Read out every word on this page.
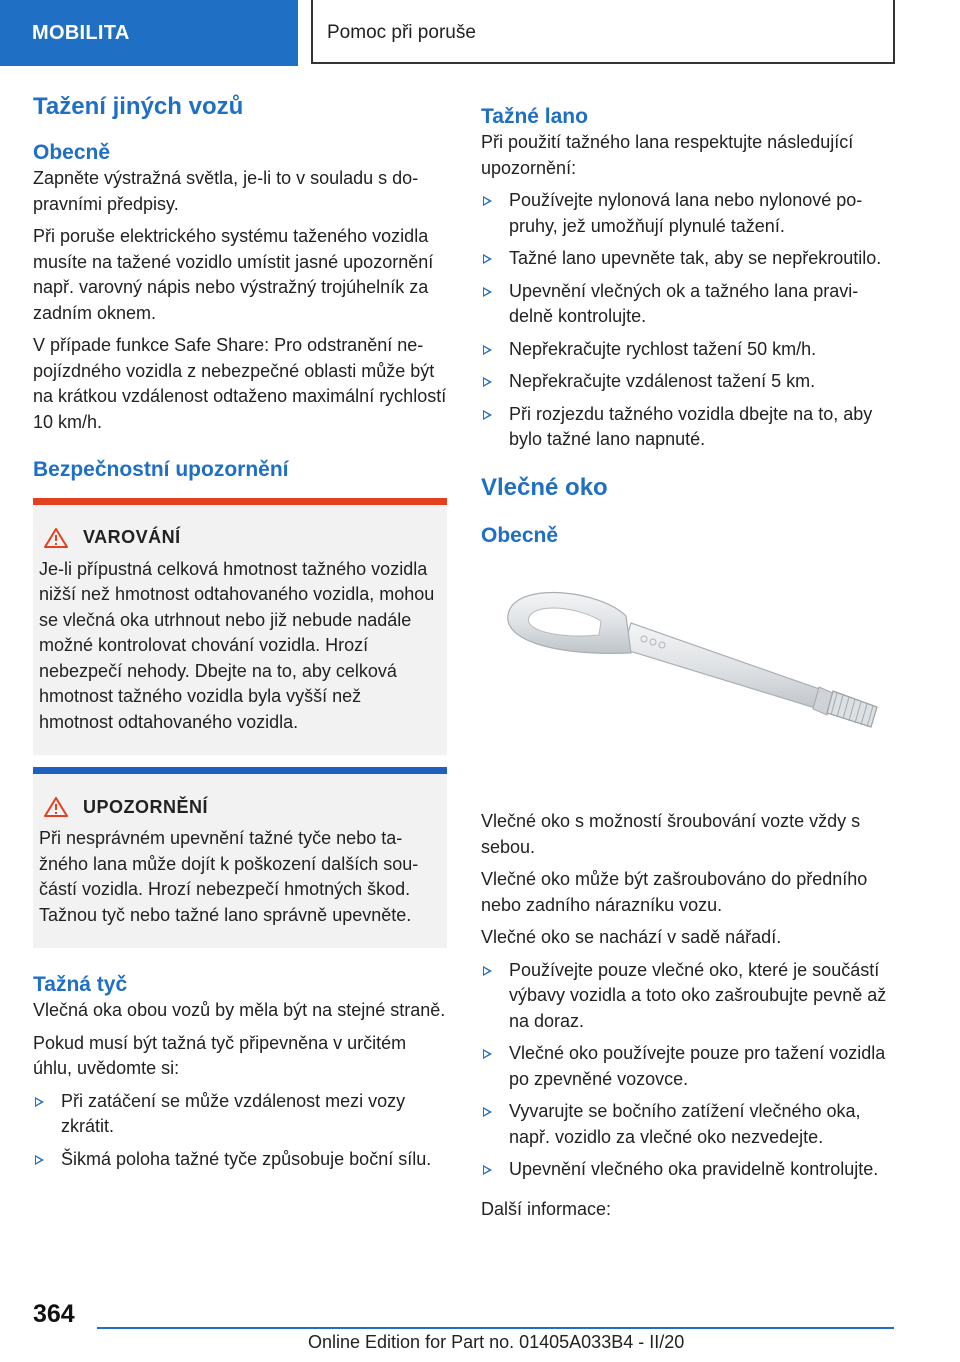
MOBILITA	Pomoc při poruše
Tažení jiných vozů
Obecně

Zapněte výstražná světla, je-li to v souladu s dopravními předpisy.

Při poruše elektrického systému taženého vozidla musíte na tažené vozidlo umístit jasné upozornění např. varovný nápis nebo výstražný trojúhelník za zadním oknem.

V případe funkce Safe Share: Pro odstranění nepojízdného vozidla z nebezpečné oblasti může být na krátkou vzdálenost odtaženo maximální rychlostí 10 km/h.

Bezpečnostní upozornění
VAROVÁNÍ

Je-li přípustná celková hmotnost tažného vozidla nižší než hmotnost odtahovaného vozidla, mohou se vlečná oka utrhnout nebo již nebude nadále možné kontrolovat chování vozidla. Hrozí nebezpečí nehody. Dbejte na to, aby celková hmotnost tažného vozidla byla vyšší než hmotnost odtahovaného vozidla.

UPOZORNĚNÍ

Při nesprávném upevnění tažné tyče nebo tažného lana může dojít k poškození dalších součástí vozidla. Hrozí nebezpečí hmotných škod. Tažnou tyč nebo tažné lano správně upevněte.

Tažná tyč

Vlečná oka obou vozů by měla být na stejné straně.

Pokud musí být tažná tyč připevněna v určitém úhlu, uvědomte si:

Při zatáčení se může vzdálenost mezi vozy zkrátit.
Šikmá poloha tažné tyče způsobuje boční sílu.
Tažné lano

Při použití tažného lana respektujte následující upozornění:

Používejte nylonová lana nebo nylonové popruhy, jež umožňují plynulé tažení.
Tažné lano upevněte tak, aby se nepřekroutilo.
Upevnění vlečných ok a tažného lana pravidelně kontrolujte.
Nepřekračujte rychlost tažení 50 km/h.
Nepřekračujte vzdálenost tažení 5 km.
Při rozjezdu tažného vozidla dbejte na to, aby bylo tažné lano napnuté.
Vlečné oko
Obecně

Vlečné oko s možností šroubování vozte vždy s sebou.

Vlečné oko může být zašroubováno do předního nebo zadního nárazníku vozu.

Vlečné oko se nachází v sadě nářadí.

Používejte pouze vlečné oko, které je součástí výbavy vozidla a toto oko zašroubujte pevně až na doraz.
Vlečné oko používejte pouze pro tažení vozidla po zpevněné vozovce.
Vyvarujte se bočního zatížení vlečného oka, např. vozidlo za vlečné oko nezvedejte.
Upevnění vlečného oka pravidelně kontrolujte.

Další informace:

364
Online Edition for Part no. 01405A033B4 - II/20
